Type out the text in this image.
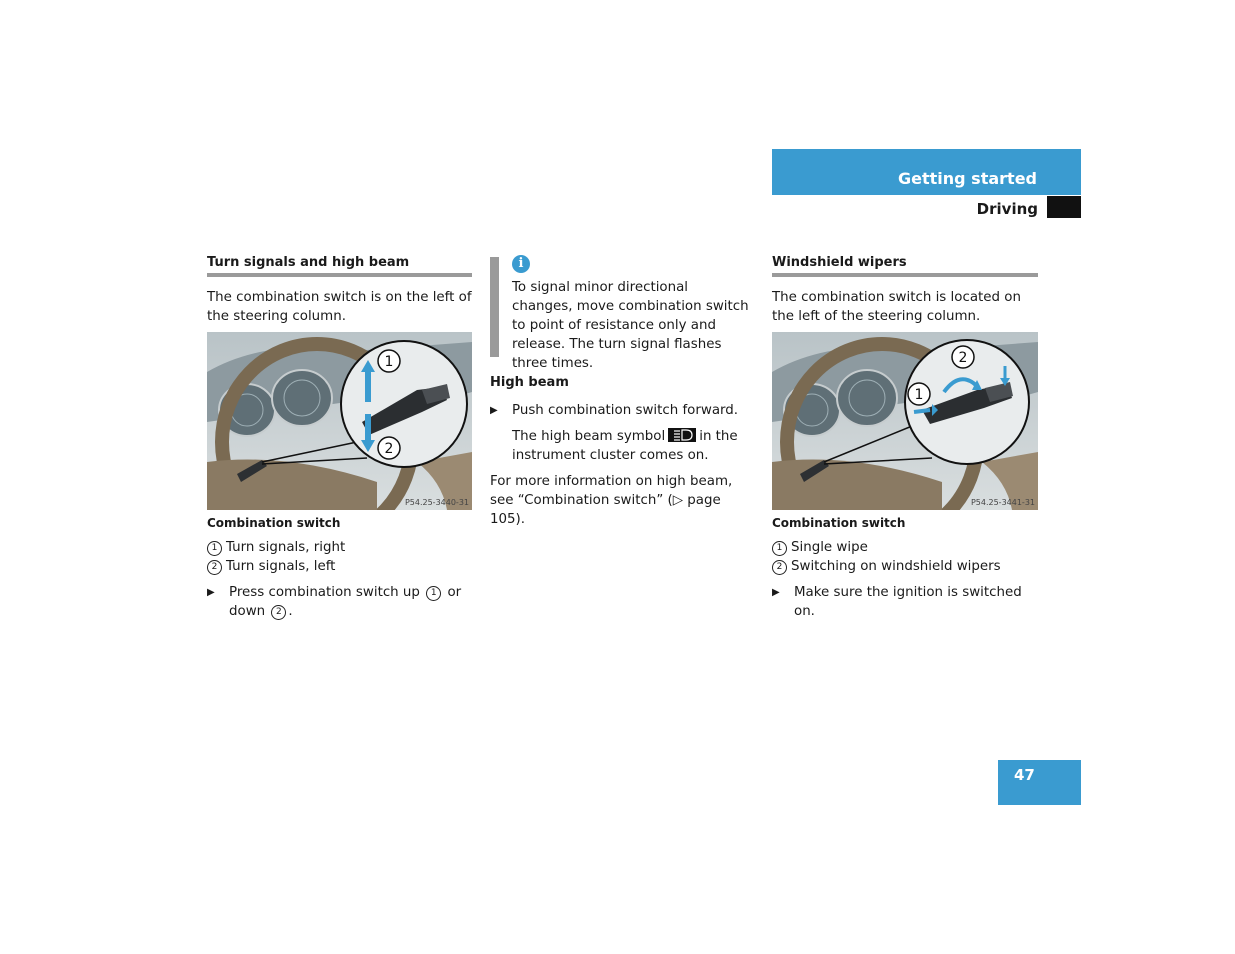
Getting started
Driving
Turn signals and high beam
The combination switch is on the left of the steering column.
1
2
P54.25-3440-31
Combination switch
1 Turn signals, right
2 Turn signals, left
▶ Press combination switch up 1 or
down 2 .
i
To signal minor directional changes, move combination switch to point of resistance only and release. The turn signal flashes three times.
High beam
▶ Push combination switch forward.
The high beam symbol	in the
instrument cluster comes on.
For more information on high beam, see “Combination switch” (▷ page 105).
Windshield wipers
The combination switch is located on the left of the steering column.
2
1
P54.25-3441-31
Combination switch
1 Single wipe
2 Switching on windshield wipers
▶ Make sure the ignition is switched on.
47
